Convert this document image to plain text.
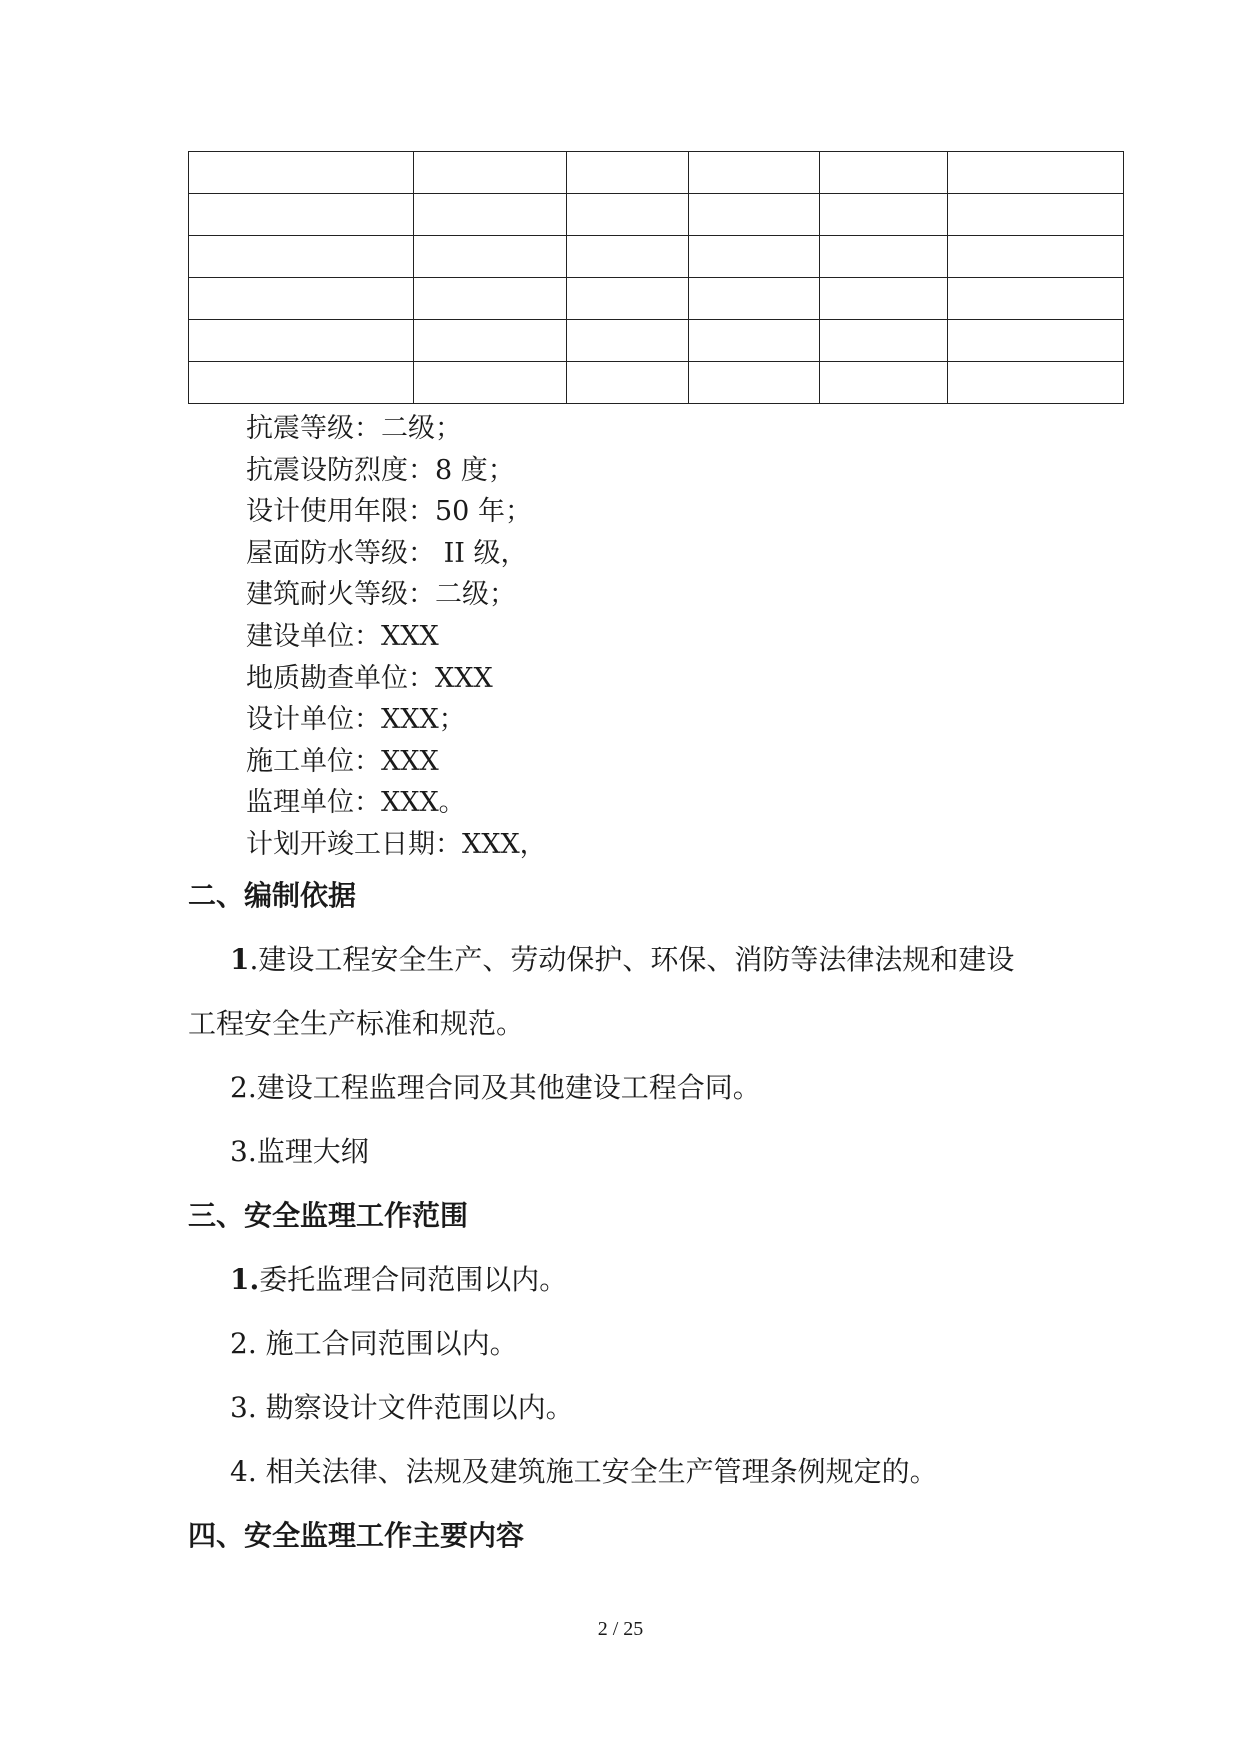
抗震等级：二级；
抗震设防烈度：8 度；
设计使用年限：50 年；
屋面防水等级： II 级，
建筑耐火等级：二级；
建设单位：XXX
地质勘查单位：XXX
设计单位：XXX；
施工单位：XXX
监理单位：XXX。
计划开竣工日期：XXX，
二、编制依据

1.建设工程安全生产、劳动保护、环保、消防等法律法规和建设

工程安全生产标准和规范。

2.建设工程监理合同及其他建设工程合同。

3.监理大纲

三、安全监理工作范围

1.委托监理合同范围以内。

2. 施工合同范围以内。

3. 勘察设计文件范围以内。

4. 相关法律、法规及建筑施工安全生产管理条例规定的。

四、安全监理工作主要内容
2 / 25
